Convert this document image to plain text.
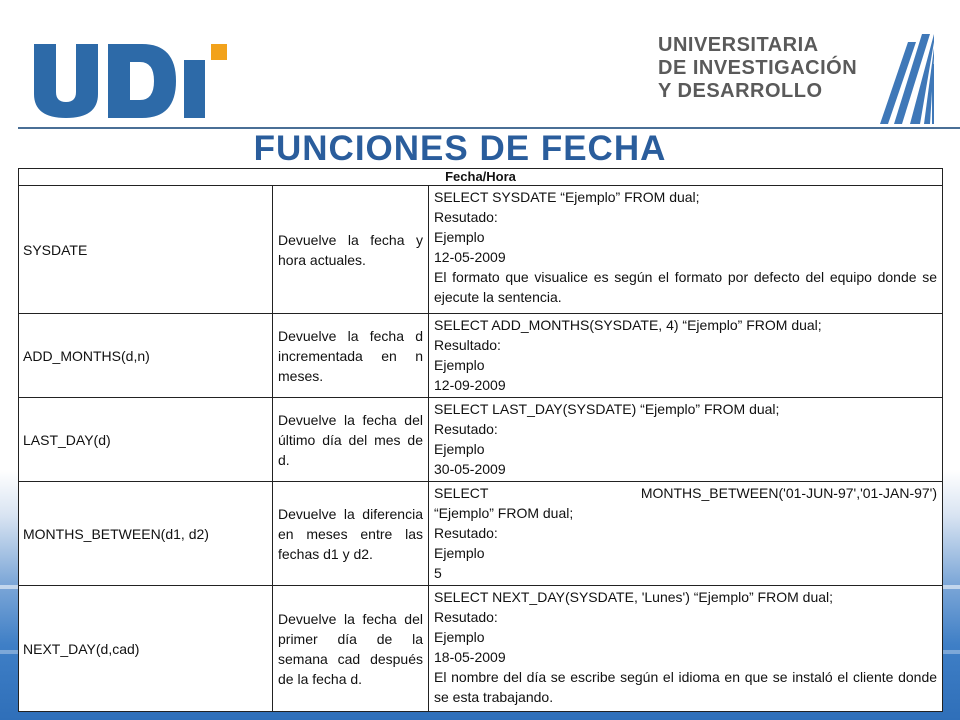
UNIVERSITARIA
DE INVESTIGACIÓN
Y DESARROLLO
FUNCIONES DE FECHA
Fecha/Hora		
SYSDATE	Devuelve la fecha y hora actuales.	SELECT SYSDATE “Ejemplo” FROM dual;
Resutado:
Ejemplo
12-05-2009
El formato que visualice es según el formato por defecto del equipo donde se ejecute la sentencia.

ADD_MONTHS(d,n)	Devuelve la fecha d incrementada en n meses.	SELECT ADD_MONTHS(SYSDATE, 4) “Ejemplo” FROM dual;
Resultado:
Ejemplo
12-09-2009

LAST_DAY(d)	Devuelve la fecha del último día del mes de d.	SELECT LAST_DAY(SYSDATE) “Ejemplo” FROM dual;
Resutado:
Ejemplo
30-05-2009

MONTHS_BETWEEN(d1, d2)	Devuelve la diferencia en meses entre las fechas d1 y d2.	SELECT MONTHS_BETWEEN('01-JUN-97','01-JAN-97')
“Ejemplo” FROM dual;
Resutado:
Ejemplo
5

NEXT_DAY(d,cad)	Devuelve la fecha del primer día de la semana cad después de la fecha d.	SELECT NEXT_DAY(SYSDATE, 'Lunes') “Ejemplo” FROM dual;
Resutado:
Ejemplo
18-05-2009
El nombre del día se escribe según el idioma en que se instaló el cliente donde se esta trabajando.
